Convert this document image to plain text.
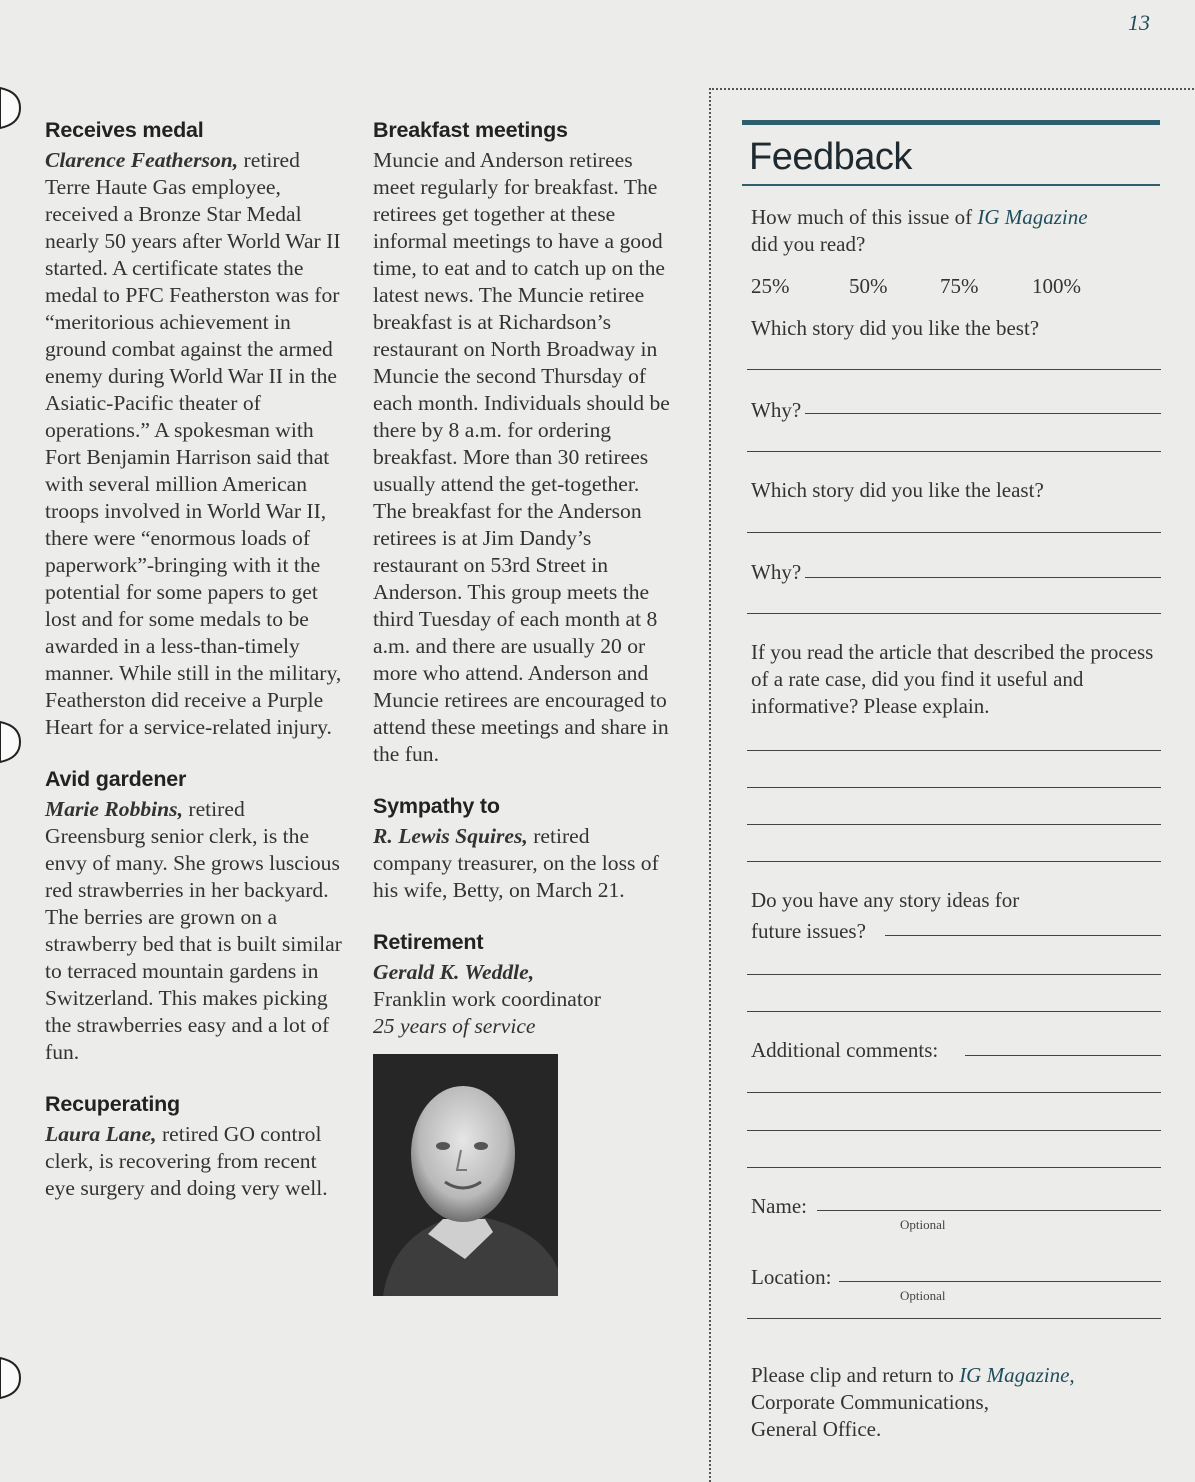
13
Receives medal

Clarence Featherson, retired Terre Haute Gas employee, received a Bronze Star Medal nearly 50 years after World War II started. A certificate states the medal to PFC Featherston was for “meritorious achievement in ground combat against the armed enemy during World War II in the Asiatic-Pacific theater of operations.” A spokesman with Fort Benjamin Harrison said that with several million American troops involved in World War II, there were “enormous loads of paperwork”-bringing with it the potential for some papers to get lost and for some medals to be awarded in a less-than-timely manner. While still in the military, Featherston did receive a Purple Heart for a service-related injury.

Avid gardener

Marie Robbins, retired Greensburg senior clerk, is the envy of many. She grows luscious red strawberries in her backyard. The berries are grown on a strawberry bed that is built similar to terraced mountain gardens in Switzerland. This makes picking the strawberries easy and a lot of fun.

Recuperating

Laura Lane, retired GO control clerk, is recovering from recent eye surgery and doing very well.

Breakfast meetings

Muncie and Anderson retirees meet regularly for breakfast. The retirees get together at these informal meetings to have a good time, to eat and to catch up on the latest news. The Muncie retiree breakfast is at Richardson’s restaurant on North Broadway in Muncie the second Thursday of each month. Individuals should be there by 8 a.m. for ordering breakfast. More than 30 retirees usually attend the get-together. The breakfast for the Anderson retirees is at Jim Dandy’s restaurant on 53rd Street in Anderson. This group meets the third Tuesday of each month at 8 a.m. and there are usually 20 or more who attend. Anderson and Muncie retirees are encouraged to attend these meetings and share in the fun.

Sympathy to

R. Lewis Squires, retired company treasurer, on the loss of his wife, Betty, on March 21.

Retirement

Gerald K. Weddle,
Franklin work coordinator
25 years of service

Feedback
How much of this issue of IG Magazine
did you read?
25%	50%	75%	100%
Which story did you like the best?
Why?
Which story did you like the least?
Why?
If you read the article that described the process of a rate case, did you find it useful and informative? Please explain.
Do you have any story ideas for
future issues?
Additional comments:
Name:
Optional
Location:
Optional
Please clip and return to IG Magazine,
Corporate Communications,
General Office.
